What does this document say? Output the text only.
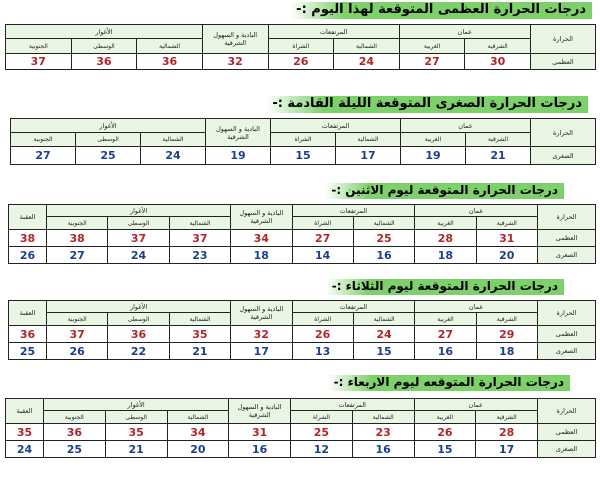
درجات الحرارة العظمى المتوقعة لهذا اليوم :-
الحرارة	عمان		المرتفعات		البادية و السهول الشرقية	الأغوار		
	الشرقية	الغربية	الشمالية	الشراة		الشمالية	الوسطى	الجنوبية
العظمى	30	27	24	26	32	36	36	37
درجات الحرارة الصغرى المتوقعة الليلة القادمة :-
الحرارة	عمان		المرتفعات		البادية و السهول الشرقية	الأغوار		
	الشرقية	الغربية	الشمالية	الشراة		الشمالية	الوسطى	الجنوبية
الصغرى	21	19	17	15	19	24	25	27
درجات الحرارة المتوقعة ليوم الاثنين :-
الحرارة	عمان		المرتفعات		البادية و السهول الشرقية	الأغوار			العقبة
	الشرقية	الغربية	الشمالية	الشراة		الشمالية	الوسطى	الجنوبية	
العظمى	31	28	25	27	34	37	37	38	38
الصغرى	20	18	16	14	18	23	24	27	26
درجات الحرارة المتوقعة ليوم الثلاثاء :-
الحرارة	عمان		المرتفعات		البادية و السهول الشرقية	الأغوار			العقبة
	الشرقية	الغربية	الشمالية	الشراة		الشمالية	الوسطى	الجنوبية	
العظمى	29	27	24	26	32	35	36	37	36
الصغرى	18	16	15	13	17	21	22	26	25
درجات الحرارة المتوقعه ليوم الاربعاء :-
الحرارة	عمان		المرتفعات		البادية و السهول الشرقية	الأغوار			العقبة
	الشرقية	الغربية	الشمالية	الشراة		الشمالية	الوسطى	الجنوبية	
العظمى	28	26	23	25	31	34	35	36	35
الصغرى	17	15	16	12	16	20	21	25	24
